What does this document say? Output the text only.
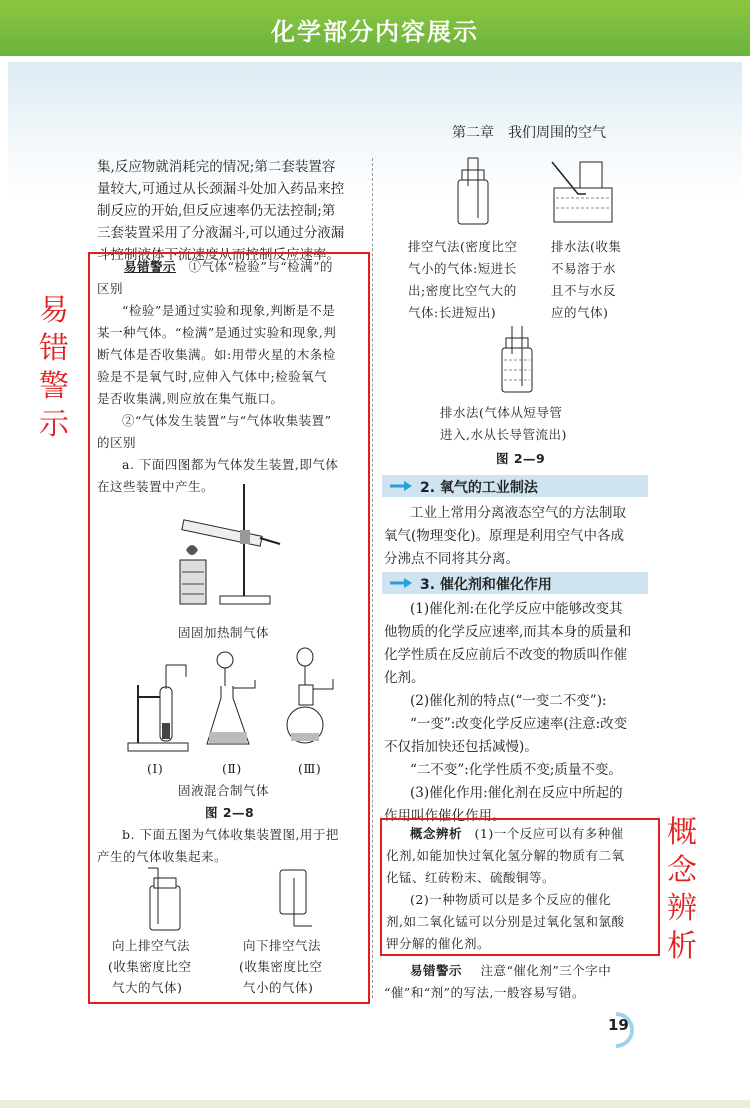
化学部分内容展示
第二章　我们周围的空气
集,反应物就消耗完的情况;第二套装置容
量较大,可通过从长颈漏斗处加入药品来控
制反应的开始,但反应速率仍无法控制;第
三套装置采用了分液漏斗,可以通过分液漏
斗控制液体下流速度从而控制反应速率。
易错警示
易错警示 ①气体“检验”与“检满”的
区别
“检验”是通过实验和现象,判断是不是
某一种气体。“检满”是通过实验和现象,判
断气体是否收集满。如:用带火星的木条检
验是不是氧气时,应伸入气体中;检验氧气
是否收集满,则应放在集气瓶口。
②“气体发生装置”与“气体收集装置”
的区别
a. 下面四图都为气体发生装置,即气体
在这些装置中产生。
固固加热制气体
(Ⅰ)	(Ⅱ)	(Ⅲ)
固液混合制气体
图 2—8
b. 下面五图为气体收集装置图,用于把
产生的气体收集起来。
向上排空气法
(收集密度比空
气大的气体)
向下排空气法
(收集密度比空
气小的气体)
排空气法(密度比空
气小的气体:短进长
出;密度比空气大的
气体:长进短出)
排水法(收集
不易溶于水
且不与水反
应的气体)
排水法(气体从短导管
进入,水从长导管流出)
图 2—9
2. 氧气的工业制法
工业上常用分离液态空气的方法制取
氧气(物理变化)。原理是利用空气中各成
分沸点不同将其分离。
3. 催化剂和催化作用
(1)催化剂:在化学反应中能够改变其
他物质的化学反应速率,而其本身的质量和
化学性质在反应前后不改变的物质叫作催
化剂。
(2)催化剂的特点(“一变二不变”):
“一变”:改变化学反应速率(注意:改变
不仅指加快还包括减慢)。
“二不变”:化学性质不变;质量不变。
(3)催化作用:催化剂在反应中所起的
作用叫作催化作用。	概念辨析
概念辨析 (1)一个反应可以有多种催
化剂,如能加快过氧化氢分解的物质有二氧
化锰、红砖粉末、硫酸铜等。
(2)一种物质可以是多个反应的催化
剂,如二氧化锰可以分别是过氧化氢和氯酸
钾分解的催化剂。
易错警示 注意“催化剂”三个字中
“催”和“剂”的写法,一般容易写错。
19
